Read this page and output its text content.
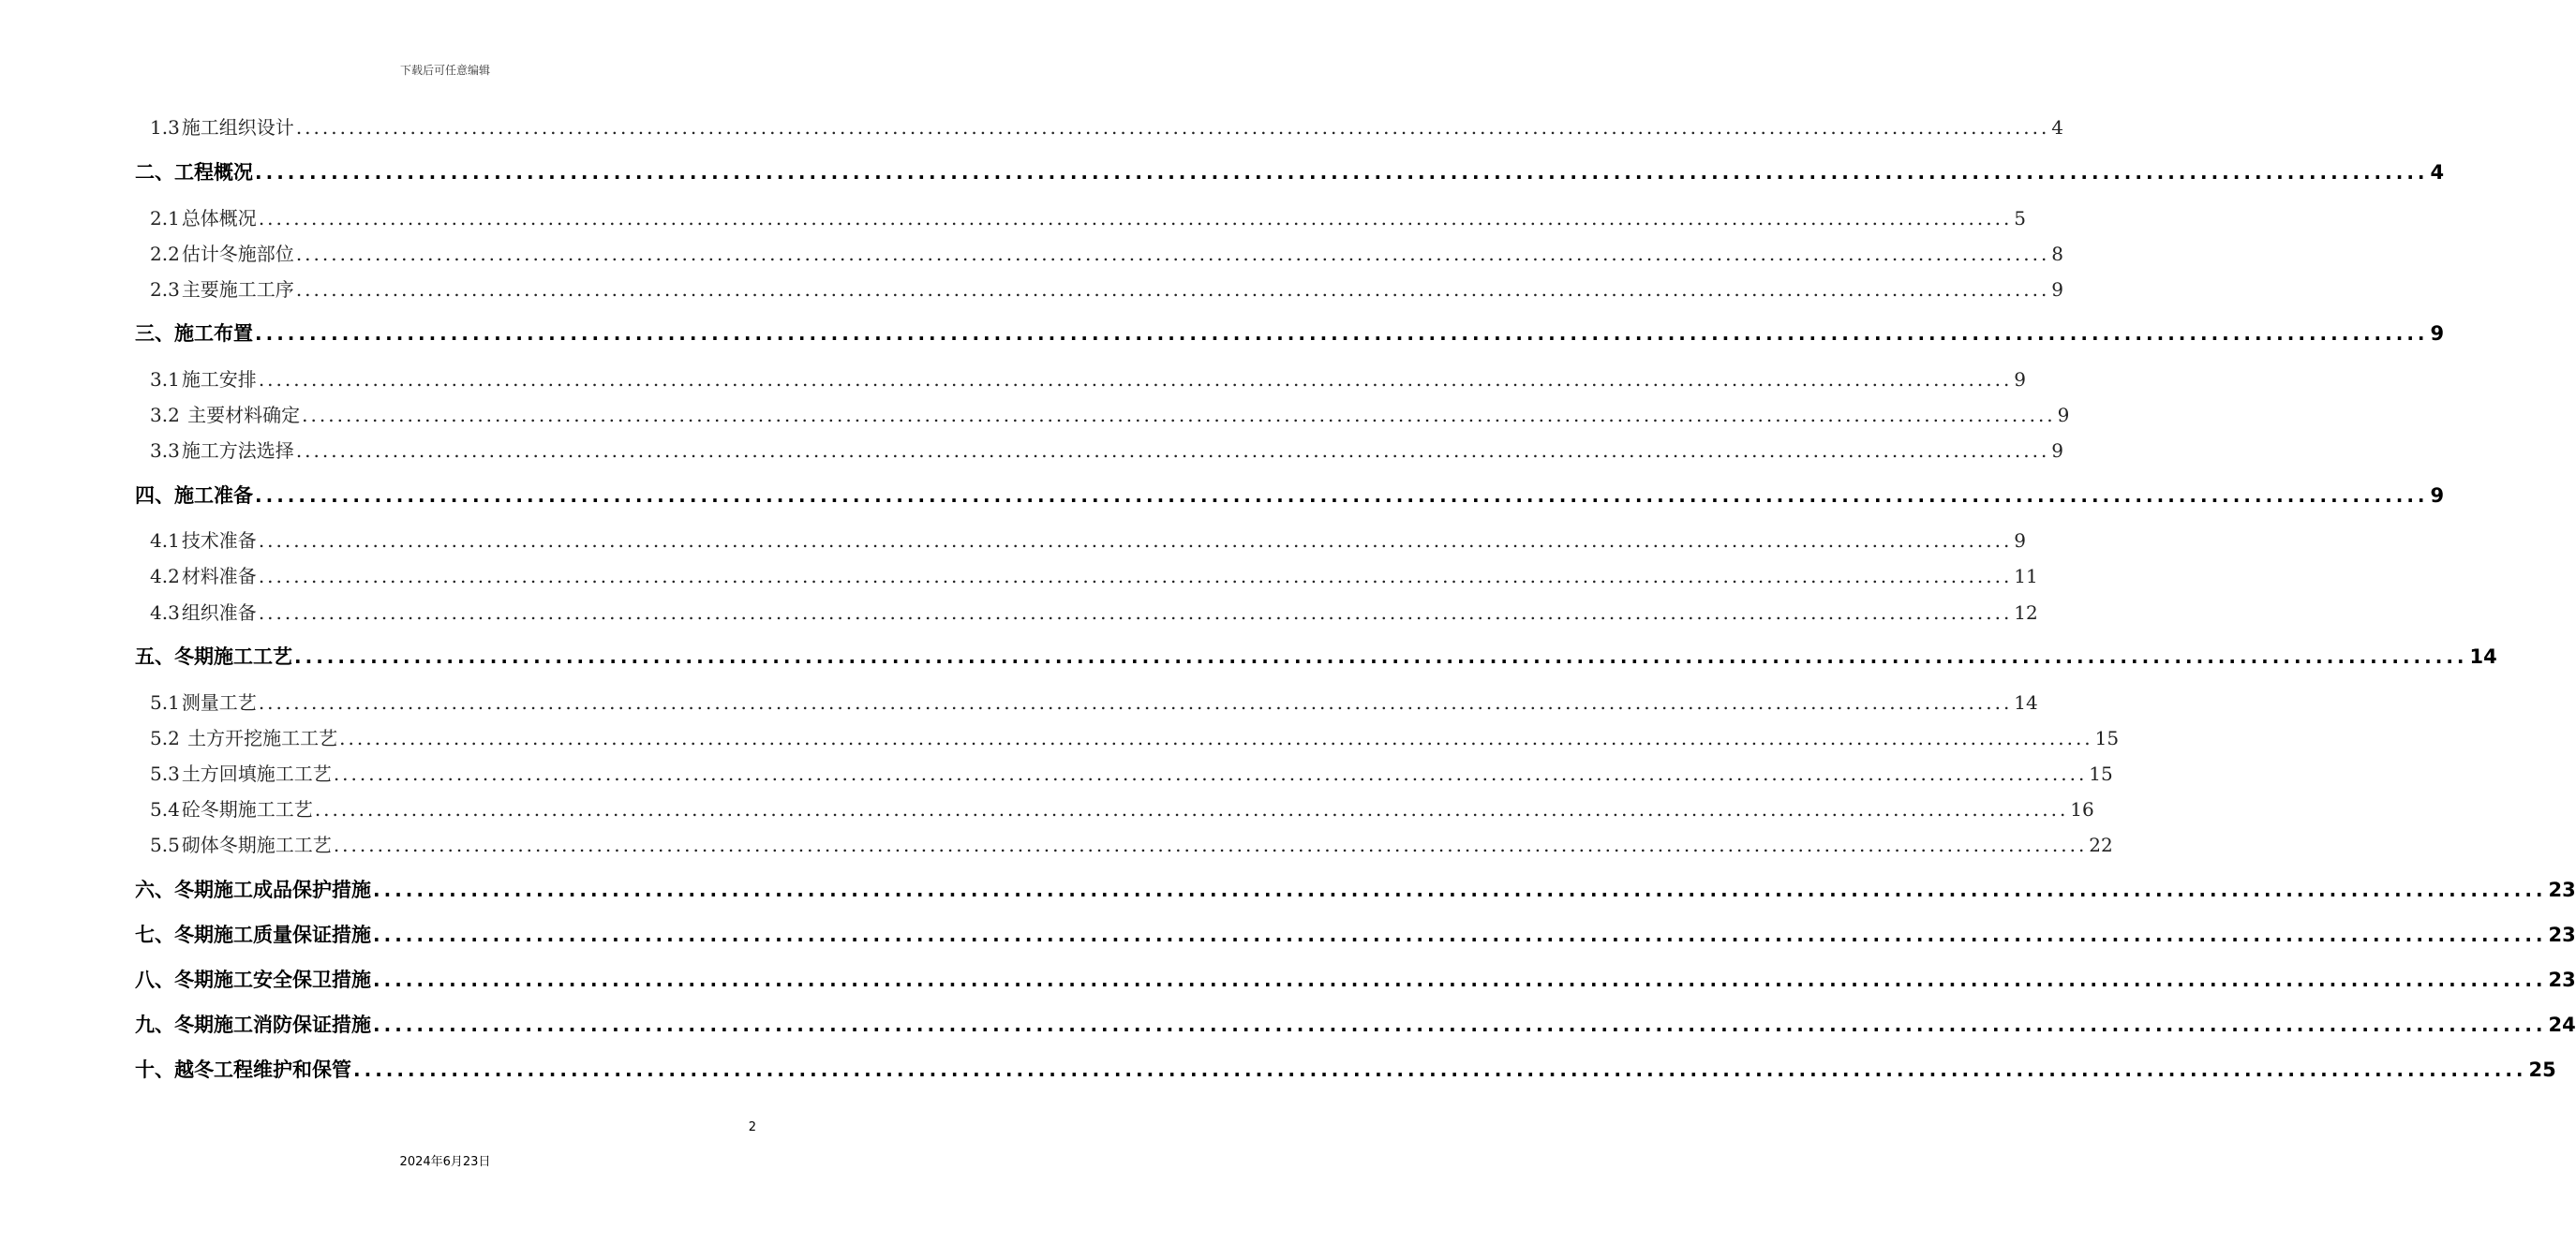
下载后可任意编辑
1.3 施工组织设计 ........................................................................................................................................................................................................ 4
二、 工程概况 ........................................................................................................................................................................................................ 4
2.1 总体概况 ........................................................................................................................................................................................................ 5
2.2 估计冬施部位 ........................................................................................................................................................................................................ 8
2.3 主要施工工序 ........................................................................................................................................................................................................ 9
三、 施工布置 ........................................................................................................................................................................................................ 9
3.1 施工安排 ........................................................................................................................................................................................................ 9
3.2 主要材料确定 ........................................................................................................................................................................................................ 9
3.3 施工方法选择 ........................................................................................................................................................................................................ 9
四、 施工准备 ........................................................................................................................................................................................................ 9
4.1 技术准备 ........................................................................................................................................................................................................ 9
4.2 材料准备 ........................................................................................................................................................................................................ 11
4.3 组织准备 ........................................................................................................................................................................................................ 12
五、 冬期施工工艺 ........................................................................................................................................................................................................ 14
5.1 测量工艺 ........................................................................................................................................................................................................ 14
5.2 土方开挖施工工艺 ........................................................................................................................................................................................................ 15
5.3 土方回填施工工艺 ........................................................................................................................................................................................................ 15
5.4 砼冬期施工工艺 ........................................................................................................................................................................................................ 16
5.5 砌体冬期施工工艺 ........................................................................................................................................................................................................ 22
六、 冬期施工成品保护措施 ........................................................................................................................................................................................................ 23
七、 冬期施工质量保证措施 ........................................................................................................................................................................................................ 23
八、 冬期施工安全保卫措施 ........................................................................................................................................................................................................ 23
九、 冬期施工消防保证措施 ........................................................................................................................................................................................................ 24
十、 越冬工程维护和保管 ........................................................................................................................................................................................................ 25
2
2024年6月23日
